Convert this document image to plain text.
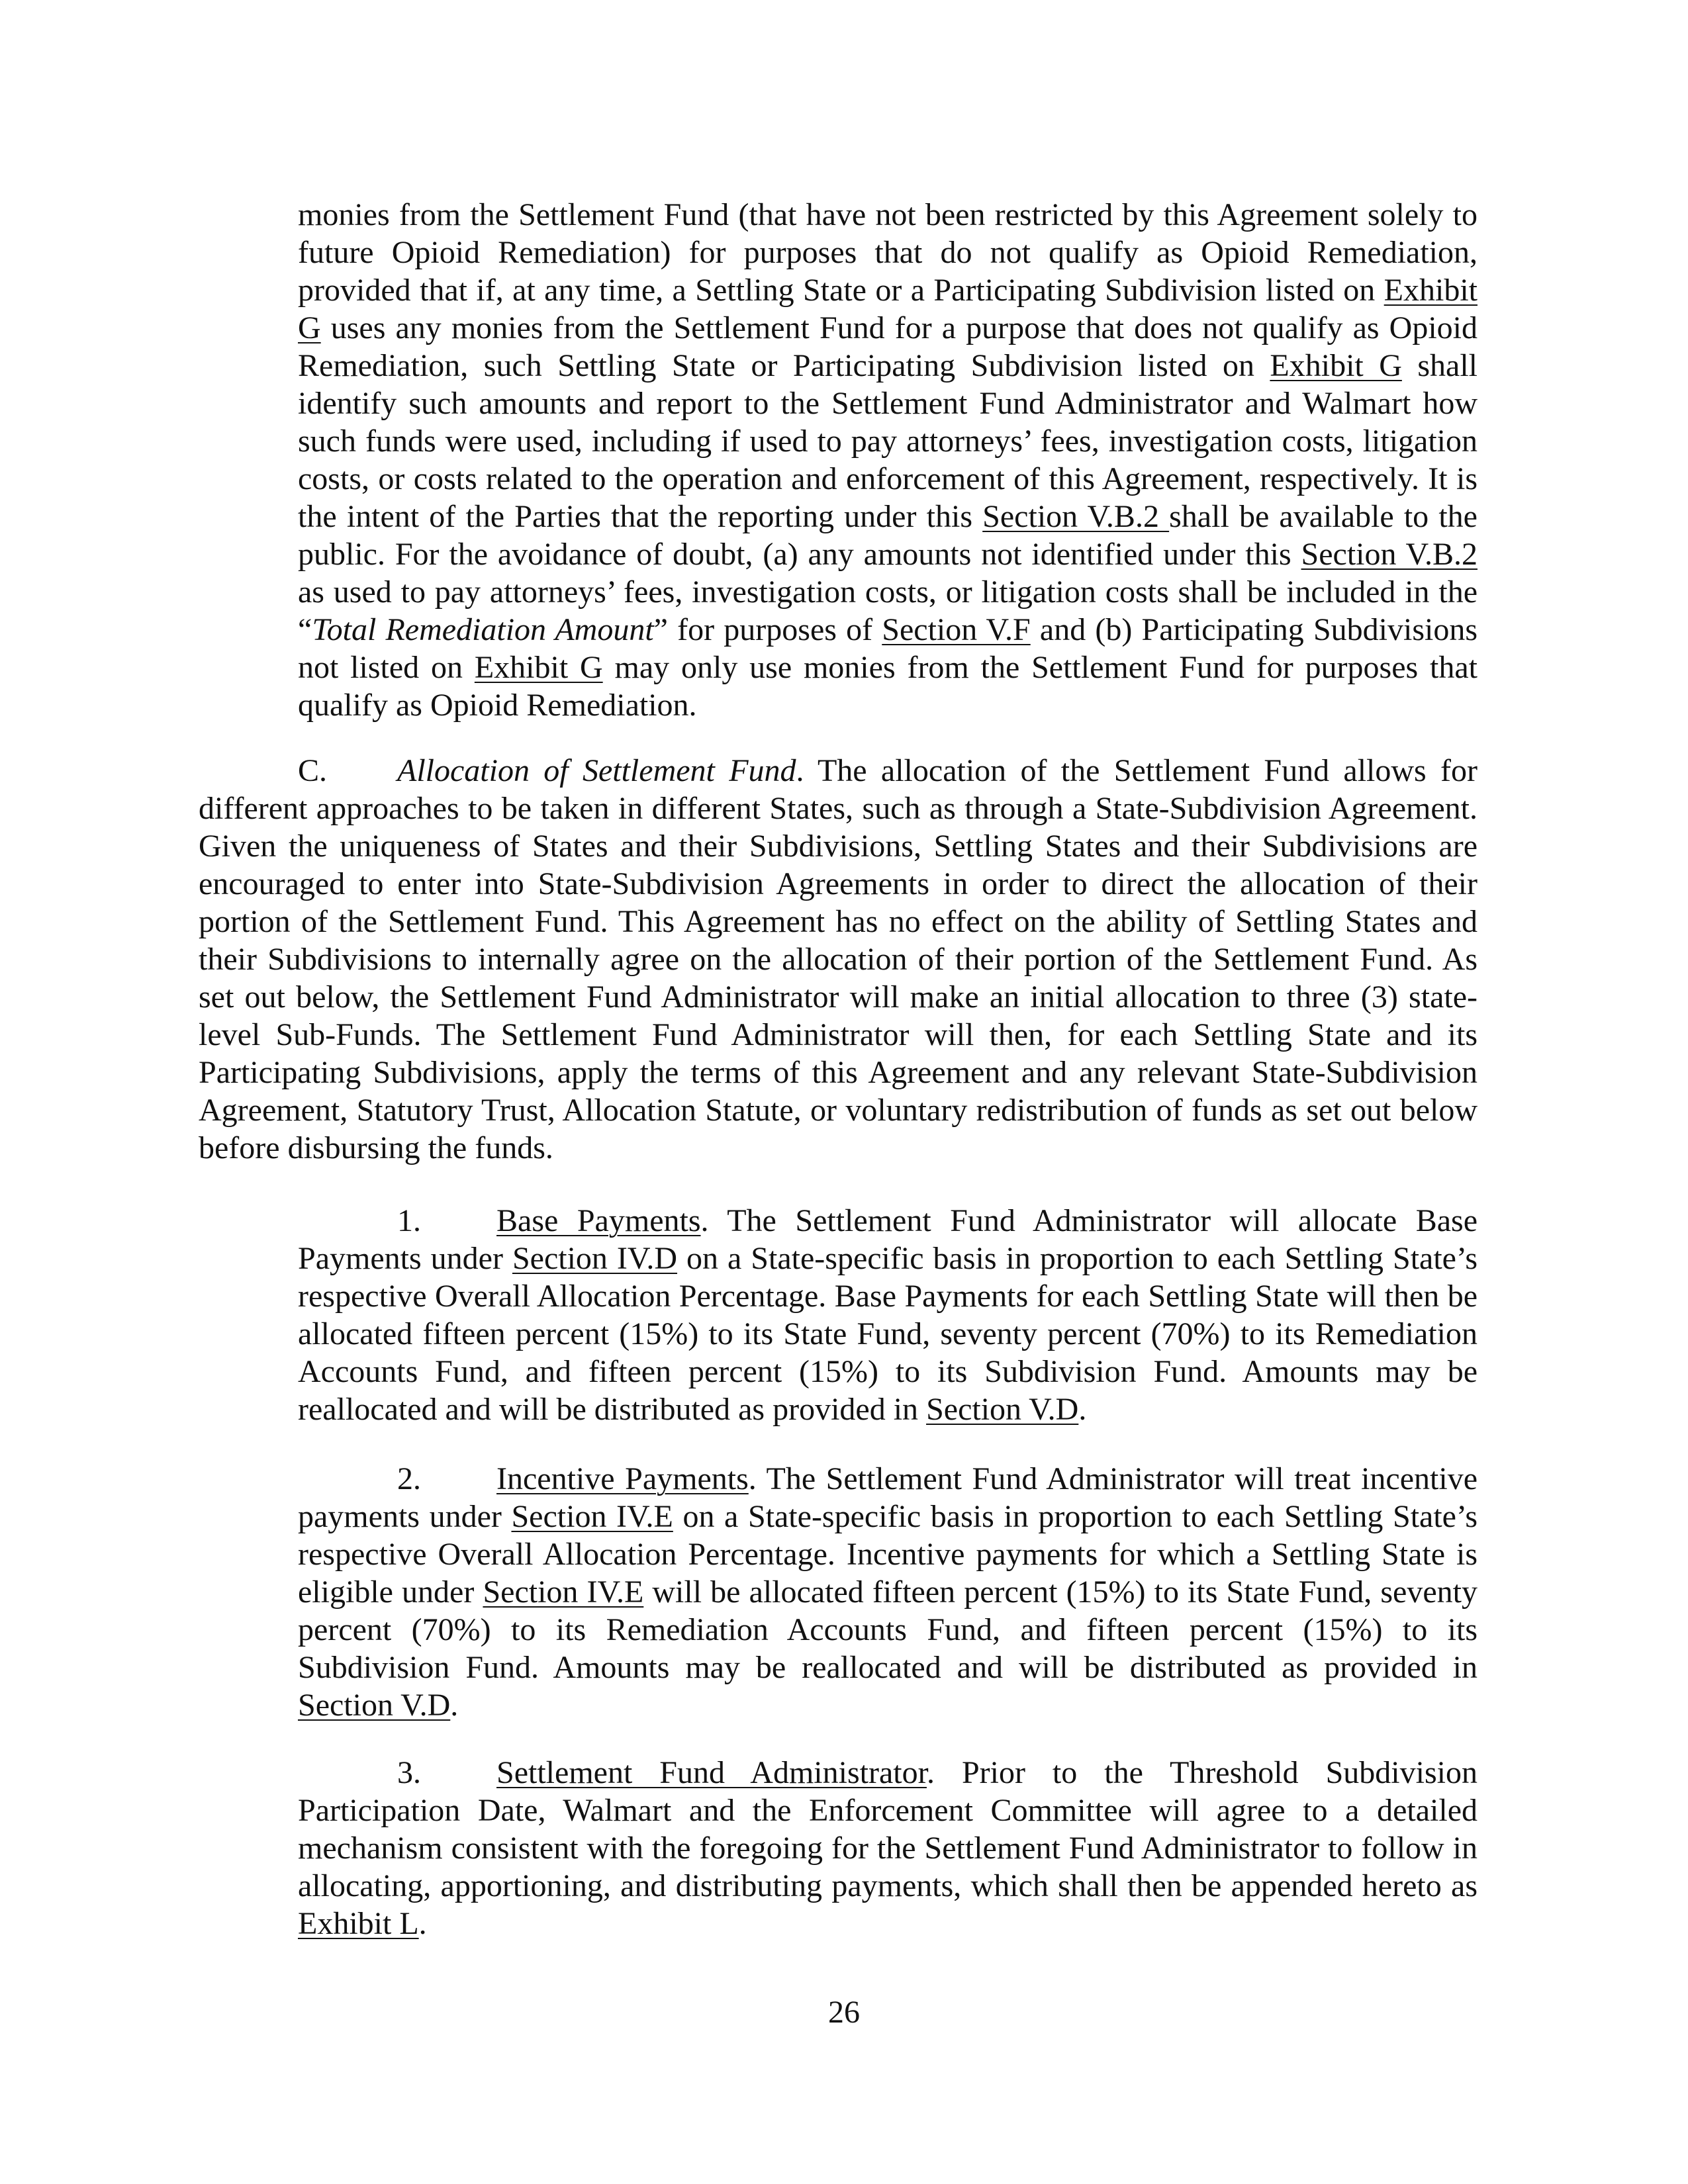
monies from the Settlement Fund (that have not been restricted by this Agreement solely to future Opioid Remediation) for purposes that do not qualify as Opioid Remediation, provided that if, at any time, a Settling State or a Participating Subdivision listed on Exhibit G uses any monies from the Settlement Fund for a purpose that does not qualify as Opioid Remediation, such Settling State or Participating Subdivision listed on Exhibit G shall identify such amounts and report to the Settlement Fund Administrator and Walmart how such funds were used, including if used to pay attorneys’ fees, investigation costs, litigation costs, or costs related to the operation and enforcement of this Agreement, respectively. It is the intent of the Parties that the reporting under this Section V.B.2 shall be available to the public. For the avoidance of doubt, (a) any amounts not identified under this Section V.B.2 as used to pay attorneys’ fees, investigation costs, or litigation costs shall be included in the “Total Remediation Amount” for purposes of Section V.F and (b) Participating Subdivisions not listed on Exhibit G may only use monies from the Settlement Fund for purposes that qualify as Opioid Remediation.

C. Allocation of Settlement Fund. The allocation of the Settlement Fund allows for different approaches to be taken in different States, such as through a State-Subdivision Agreement. Given the uniqueness of States and their Subdivisions, Settling States and their Subdivisions are encouraged to enter into State-Subdivision Agreements in order to direct the allocation of their portion of the Settlement Fund. This Agreement has no effect on the ability of Settling States and their Subdivisions to internally agree on the allocation of their portion of the Settlement Fund. As set out below, the Settlement Fund Administrator will make an initial allocation to three (3) state-level Sub-Funds. The Settlement Fund Administrator will then, for each Settling State and its Participating Subdivisions, apply the terms of this Agreement and any relevant State-Subdivision Agreement, Statutory Trust, Allocation Statute, or voluntary redistribution of funds as set out below before disbursing the funds.

1. Base Payments. The Settlement Fund Administrator will allocate Base Payments under Section IV.D on a State-specific basis in proportion to each Settling State’s respective Overall Allocation Percentage. Base Payments for each Settling State will then be allocated fifteen percent (15%) to its State Fund, seventy percent (70%) to its Remediation Accounts Fund, and fifteen percent (15%) to its Subdivision Fund. Amounts may be reallocated and will be distributed as provided in Section V.D.

2. Incentive Payments. The Settlement Fund Administrator will treat incentive payments under Section IV.E on a State-specific basis in proportion to each Settling State’s respective Overall Allocation Percentage. Incentive payments for which a Settling State is eligible under Section IV.E will be allocated fifteen percent (15%) to its State Fund, seventy percent (70%) to its Remediation Accounts Fund, and fifteen percent (15%) to its Subdivision Fund. Amounts may be reallocated and will be distributed as provided in Section V.D.

3. Settlement Fund Administrator. Prior to the Threshold Subdivision Participation Date, Walmart and the Enforcement Committee will agree to a detailed mechanism consistent with the foregoing for the Settlement Fund Administrator to follow in allocating, apportioning, and distributing payments, which shall then be appended hereto as Exhibit L.

26
